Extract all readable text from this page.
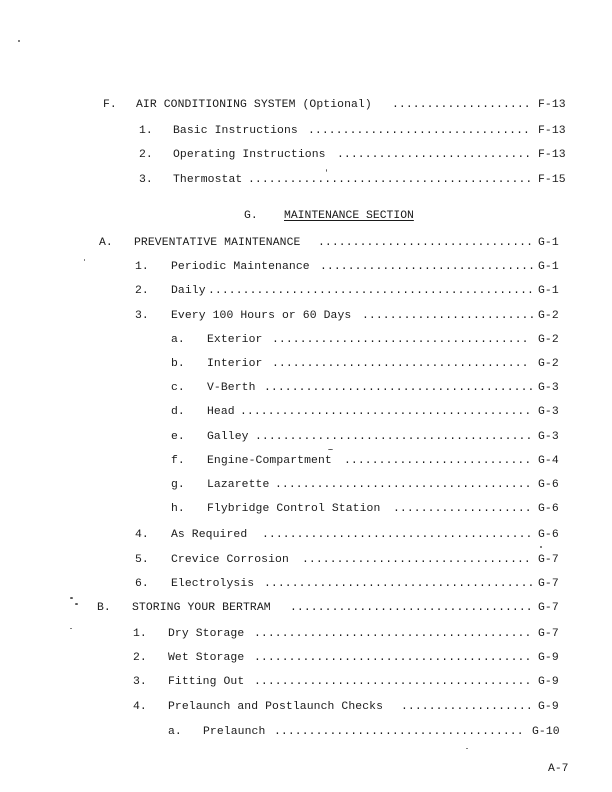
F. AIR CONDITIONING SYSTEM (Optional) .................... F-13
1. Basic Instructions ................................ F-13
2. Operating Instructions ............................ F-13
3. Thermostat ......................................... F-15
G. MAINTENANCE SECTION
A. PREVENTATIVE MAINTENANCE ............................... G-1
1. Periodic Maintenance ............................... G-1
2. Daily ............................................... G-1
3. Every 100 Hours or 60 Days ......................... G-2
a. Exterior ..................................... G-2
b. Interior ..................................... G-2
c. V-Berth ....................................... G-3
d. Head .......................................... G-3
e. Galley ........................................ G-3
f. Engine-Compartment ........................... G-4
g. Lazarette ..................................... G-6
h. Flybridge Control Station .................... G-6
4. As Required ....................................... G-6
5. Crevice Corrosion ................................. G-7
6. Electrolysis ....................................... G-7
B. STORING YOUR BERTRAM ................................... G-7
1. Dry Storage ........................................ G-7
2. Wet Storage ........................................ G-9
3. Fitting Out ........................................ G-9
4. Prelaunch and Postlaunch Checks ................... G-9
a. Prelaunch .................................... G-10
A-7
